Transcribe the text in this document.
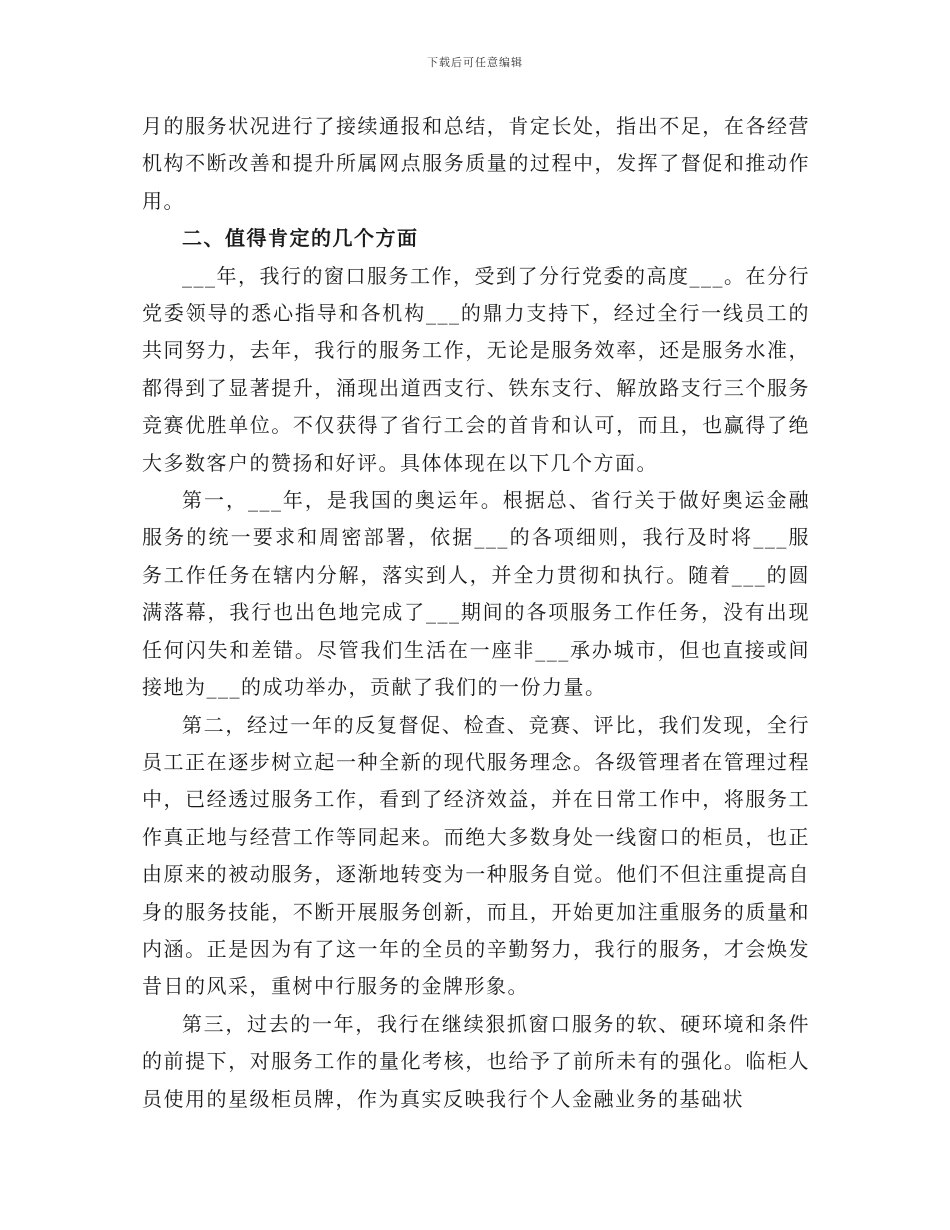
下载后可任意编辑

月的服务状况进行了接续通报和总结，肯定长处，指出不足，在各经营机构不断改善和提升所属网点服务质量的过程中，发挥了督促和推动作用。

二、值得肯定的几个方面

___年，我行的窗口服务工作，受到了分行党委的高度___。在分行党委领导的悉心指导和各机构___的鼎力支持下，经过全行一线员工的共同努力，去年，我行的服务工作，无论是服务效率，还是服务水准，都得到了显著提升，涌现出道西支行、铁东支行、解放路支行三个服务竞赛优胜单位。不仅获得了省行工会的首肯和认可，而且，也赢得了绝大多数客户的赞扬和好评。具体体现在以下几个方面。

第一，___年，是我国的奥运年。根据总、省行关于做好奥运金融服务的统一要求和周密部署，依据___的各项细则，我行及时将___服务工作任务在辖内分解，落实到人，并全力贯彻和执行。随着___的圆满落幕，我行也出色地完成了___期间的各项服务工作任务，没有出现任何闪失和差错。尽管我们生活在一座非___承办城市，但也直接或间接地为___的成功举办，贡献了我们的一份力量。

第二，经过一年的反复督促、检查、竞赛、评比，我们发现，全行员工正在逐步树立起一种全新的现代服务理念。各级管理者在管理过程中，已经透过服务工作，看到了经济效益，并在日常工作中，将服务工作真正地与经营工作等同起来。而绝大多数身处一线窗口的柜员，也正由原来的被动服务，逐渐地转变为一种服务自觉。他们不但注重提高自身的服务技能，不断开展服务创新，而且，开始更加注重服务的质量和内涵。正是因为有了这一年的全员的辛勤努力，我行的服务，才会焕发昔日的风采，重树中行服务的金牌形象。

第三，过去的一年，我行在继续狠抓窗口服务的软、硬环境和条件的前提下，对服务工作的量化考核，也给予了前所未有的强化。临柜人员使用的星级柜员牌，作为真实反映我行个人金融业务的基础状
